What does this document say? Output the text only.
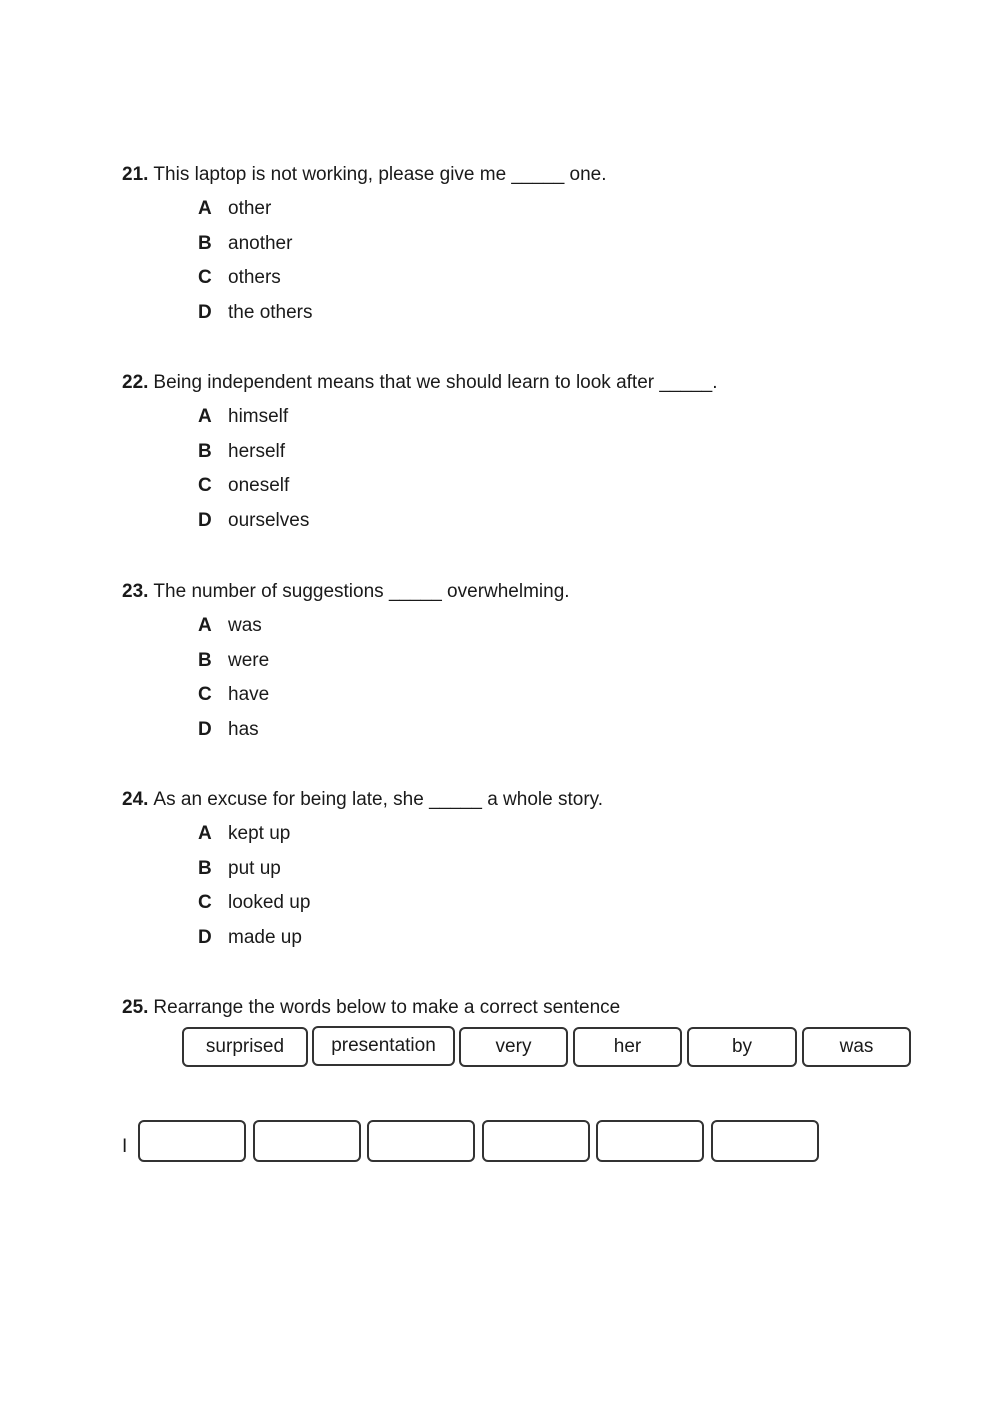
21. This laptop is not working, please give me _____ one.
A other
B another
C others
D the others
22. Being independent means that we should learn to look after _____.
A himself
B herself
C oneself
D ourselves
23. The number of suggestions _____ overwhelming.
A was
B were
C have
D has
24. As an excuse for being late, she _____ a whole story.
A kept up
B put up
C looked up
D made up
25. Rearrange the words below to make a correct sentence
surprised	presentation	very	her	by	was
I
